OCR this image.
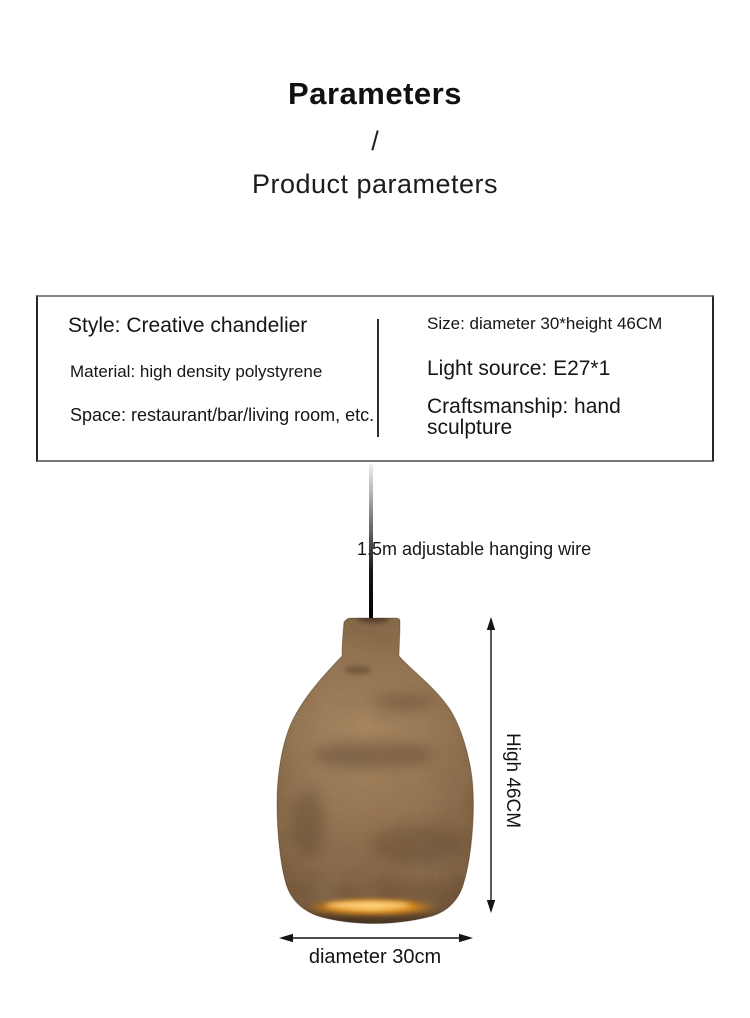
Parameters
/
Product parameters

Style: Creative chandelier

Material: high density polystyrene

Space: restaurant/bar/living room, etc.

Size: diameter 30*height 46CM

Light source: E27*1

Craftsmanship: hand sculpture

1.5m adjustable hanging wire
High 46CM
diameter 30cm
